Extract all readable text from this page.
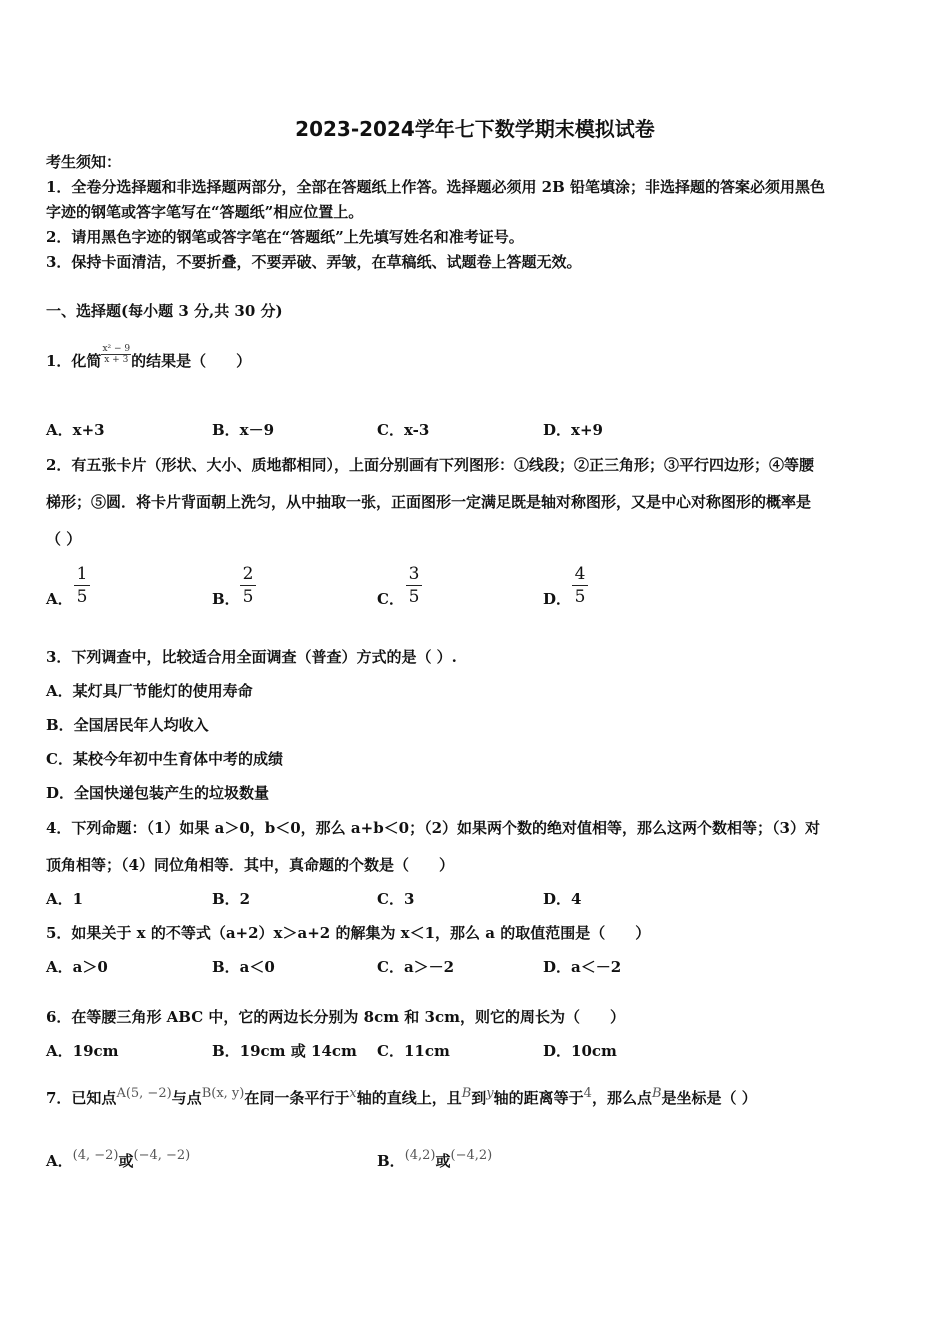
2023-2024学年七下数学期末模拟试卷
考生须知：
1．全卷分选择题和非选择题两部分，全部在答题纸上作答。选择题必须用 2B 铅笔填涂；非选择题的答案必须用黑色
字迹的钢笔或答字笔写在“答题纸”相应位置上。
2．请用黑色字迹的钢笔或答字笔在“答题纸”上先填写姓名和准考证号。
3．保持卡面清洁，不要折叠，不要弄破、弄皱，在草稿纸、试题卷上答题无效。
一、选择题(每小题 3 分,共 30 分)
1．化简 $\frac{\text{x² − 9}}{x + 3}$ 的结果是（　　）
A．x+3	B．x－9	C．x-3	D．x+9
2．有五张卡片（形状、大小、质地都相同），上面分别画有下列图形：①线段；②正三角形；③平行四边形；④等腰
梯形；⑤圆．将卡片背面朝上洗匀，从中抽取一张，正面图形一定满足既是轴对称图形，又是中心对称图形的概率是
（ ）
A．
1
5	B．
2
5	C．
3
5	D．
4
5
3．下列调查中，比较适合用全面调查（普查）方式的是（ ）.
A．某灯具厂节能灯的使用寿命
B．全国居民年人均收入
C．某校今年初中生育体中考的成绩
D．全国快递包装产生的垃圾数量
4．下列命题：（1）如果 a＞0，b＜0，那么 a+b＜0；（2）如果两个数的绝对值相等，那么这两个数相等；（3）对
顶角相等；（4）同位角相等．其中，真命题的个数是（　　）
A．1	B．2	C．3	D．4
5．如果关于 x 的不等式（a+2）x＞a+2 的解集为 x＜1，那么 a 的取值范围是（　　）
A．a＞0	B．a＜0	C．a＞－2	D．a＜－2
6．在等腰三角形 ABC 中，它的两边长分别为 8cm 和 3cm，则它的周长为（　　）
A．19cm	B．19cm 或 14cm C．11cm	D．10cm
7．已知点A(5, −2)与点B(x, y)在同一条平行于x轴的直线上，且B到y轴的距离等于4，那么点B是坐标是（ ）
A．(4, −2)或(−4, −2)	B．(4,2)或(−4,2)
